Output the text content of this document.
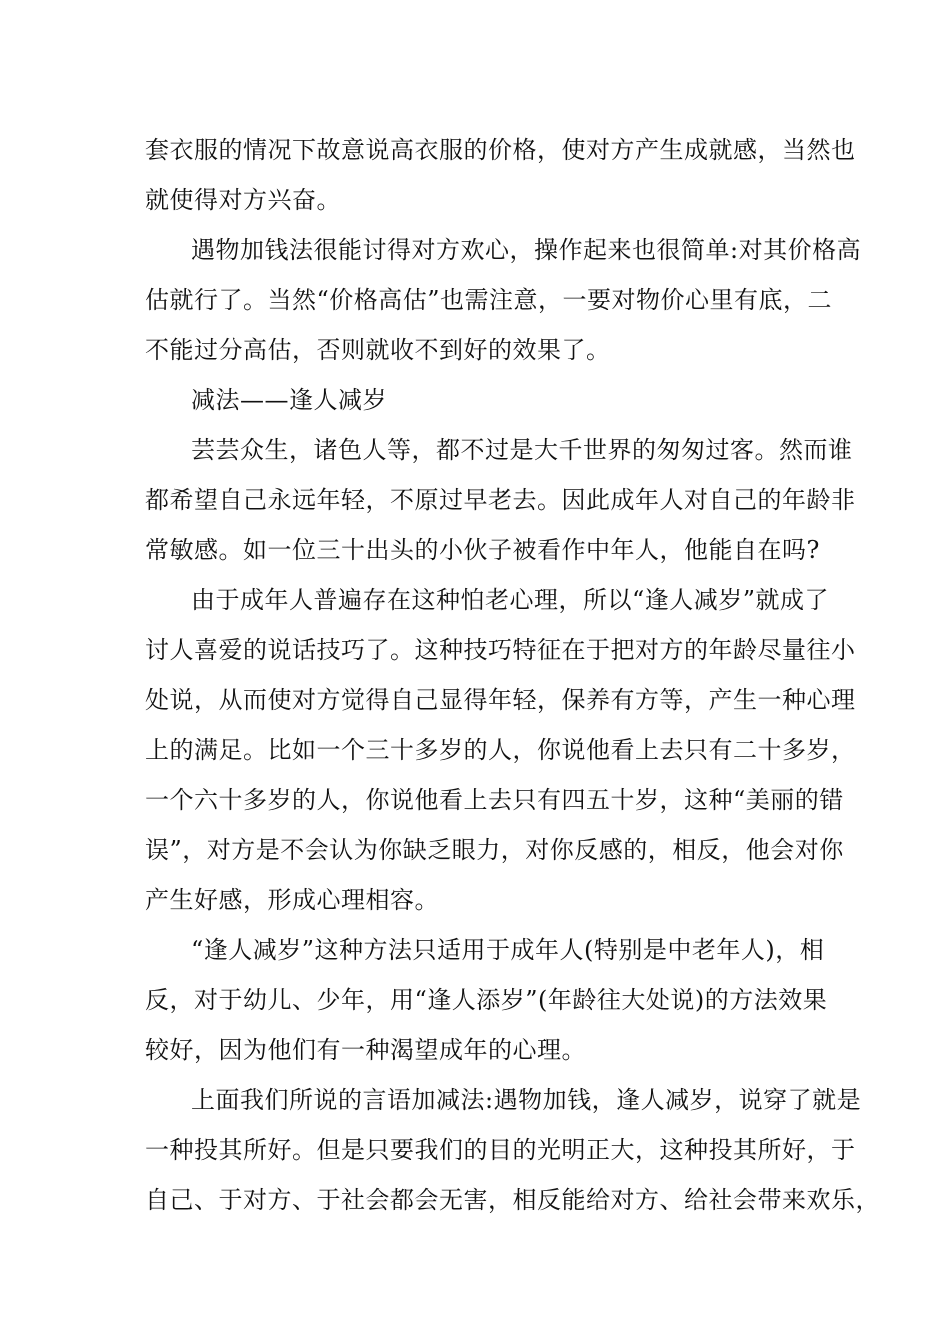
套衣服的情况下故意说高衣服的价格，使对方产生成就感，当然也
就使得对方兴奋。
遇物加钱法很能讨得对方欢心，操作起来也很简单:对其价格高
估就行了。当然“价格高估”也需注意，一要对物价心里有底，二
不能过分高估，否则就收不到好的效果了。
减法——逢人减岁
芸芸众生，诸色人等，都不过是大千世界的匆匆过客。然而谁
都希望自己永远年轻，不原过早老去。因此成年人对自己的年龄非
常敏感。如一位三十出头的小伙子被看作中年人，他能自在吗?
由于成年人普遍存在这种怕老心理，所以“逢人减岁”就成了
讨人喜爱的说话技巧了。这种技巧特征在于把对方的年龄尽量往小
处说，从而使对方觉得自己显得年轻，保养有方等，产生一种心理
上的满足。比如一个三十多岁的人，你说他看上去只有二十多岁，
一个六十多岁的人，你说他看上去只有四五十岁，这种“美丽的错
误”，对方是不会认为你缺乏眼力，对你反感的，相反，他会对你
产生好感，形成心理相容。
“逢人减岁”这种方法只适用于成年人(特别是中老年人)，相
反，对于幼儿、少年，用“逢人添岁”(年龄往大处说)的方法效果
较好，因为他们有一种渴望成年的心理。
上面我们所说的言语加减法:遇物加钱，逢人减岁，说穿了就是
一种投其所好。但是只要我们的目的光明正大，这种投其所好，于
自己、于对方、于社会都会无害，相反能给对方、给社会带来欢乐，
